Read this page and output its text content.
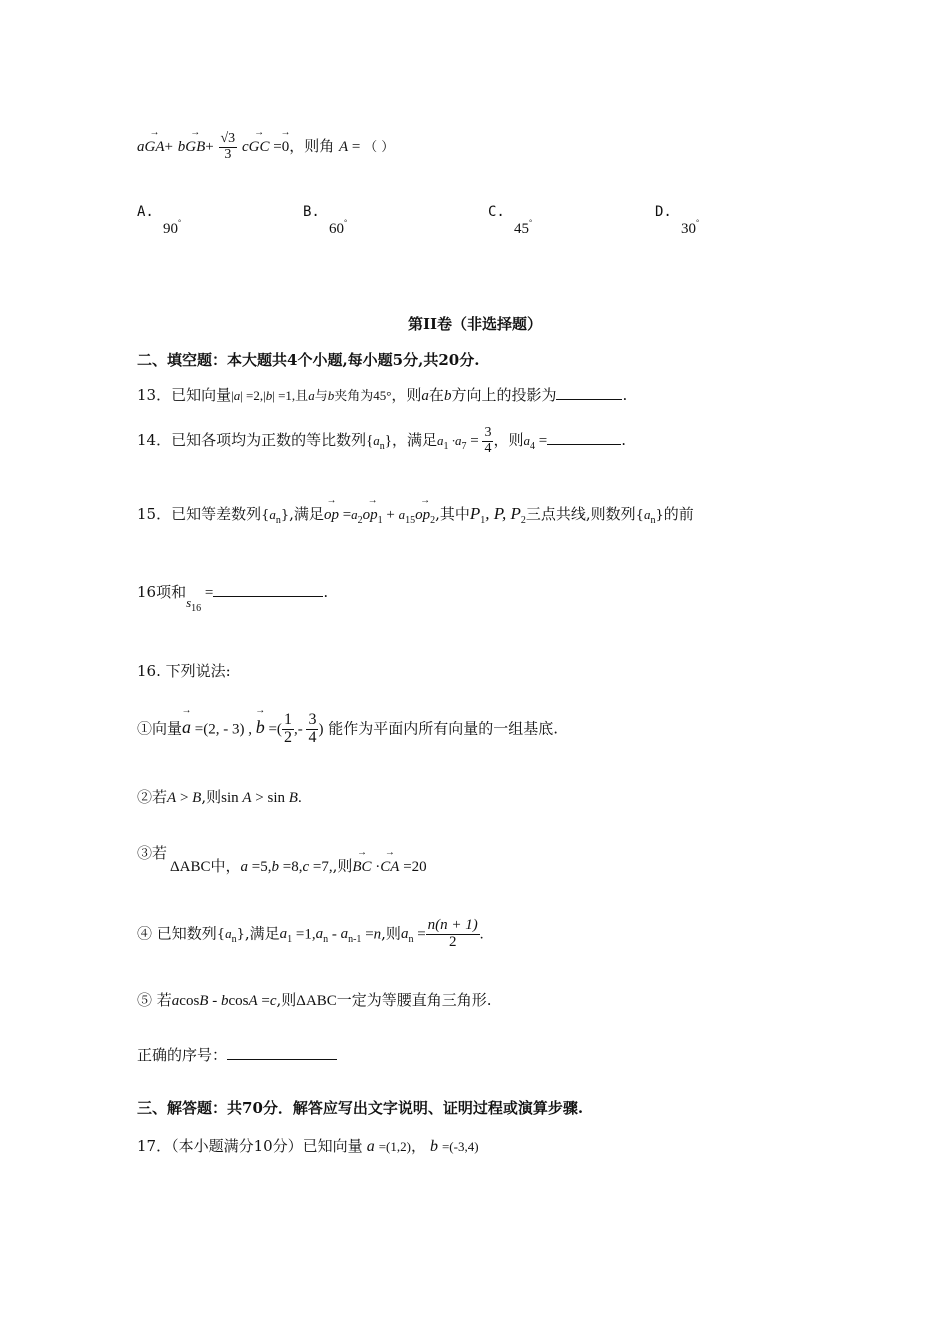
$a\to GA+ b\to GB+ \frac{√3}{3} c\to$ GC =→ 0，则角 A = （ ）
A.
90°
B.
60°
C.
45°
D.
30°
第II卷（非选择题）
二、填空题：本大题共4个小题,每小题5分,共20分.
13．已知向量|a| =2,|b| =1,且a与b夹角为45°，则a在b方向上的投影为	.
14．已知各项均为正数的等比数列$\{a_n\}$，满足$a_1 \cdot a_7 = \frac{3}{4}$ ，则$a_4$ =	.
15．已知等差数列$\{a_n\}$,满足→ op $=a_2\to op_1 + a_{15}\to op_2$,其中$P_1$, P, $P_2$三点共线,则数列$\{a_n\}$的前
16项和$s_{16}$ =	.
16. 下列说法:
①向量→ a =(2, - 3) , → b =( $\frac{1}{2}$ ,- $\frac{3}{4}$ ) 能作为平面内所有向量的一组基底.
②若A > B,则sin A > sin B.
③若
ΔABC中，a =5,b =8,c =7,,则→ BC ·→ CA =20
④ 已知数列$\{a_n\}$,满足$a_1 =1,a_n - a_{n-1} =n$,则$a_n = \frac{n(n + 1)}{2}$ .
⑤ 若acosB - bcosA =c,则ΔABC一定为等腰直角三角形.
正确的序号：
三、解答题：共70分．解答应写出文字说明、证明过程或演算步骤.
17．（本小题满分10分）已知向量 a =(1,2)， b =(-3,4)
